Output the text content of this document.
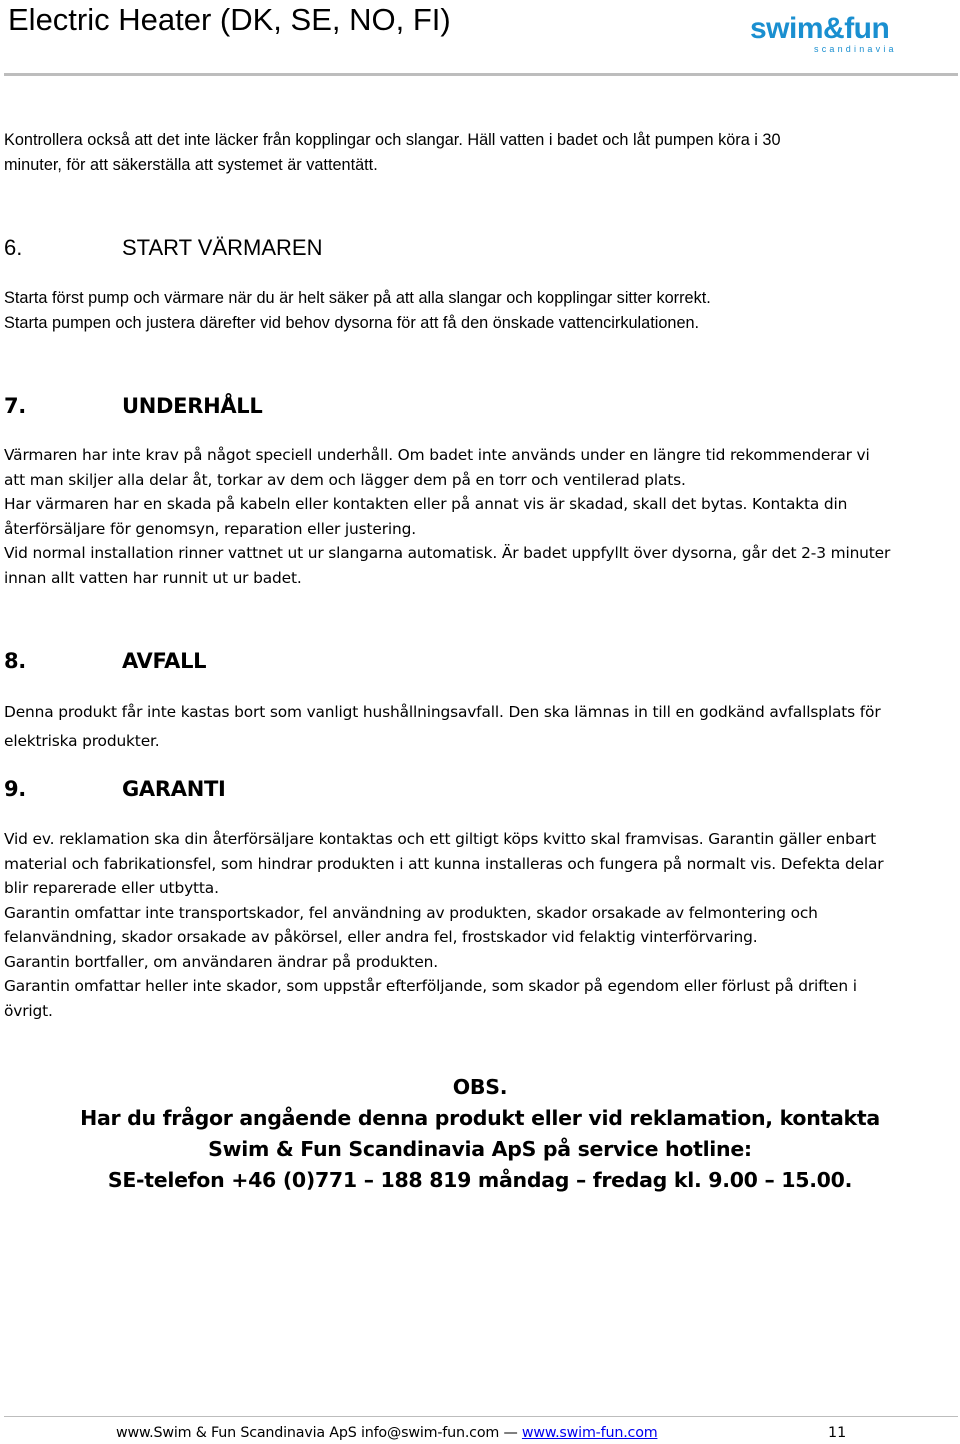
Electric Heater (DK, SE, NO, FI)	swim&fun
scandinavia
Kontrollera också att det inte läcker från kopplingar och slangar. Häll vatten i badet och låt pumpen köra i 30
minuter, för att säkerställa att systemet är vattentätt.
6.	START VÄRMAREN
Starta först pump och värmare när du är helt säker på att alla slangar och kopplingar sitter korrekt.
Starta pumpen och justera därefter vid behov dysorna för att få den önskade vattencirkulationen.
7.	UNDERHÅLL
Värmaren har inte krav på något speciell underhåll. Om badet inte används under en längre tid rekommenderar vi
att man skiljer alla delar åt, torkar av dem och lägger dem på en torr och ventilerad plats.
Har värmaren har en skada på kabeln eller kontakten eller på annat vis är skadad, skall det bytas. Kontakta din
återförsäljare för genomsyn, reparation eller justering.
Vid normal installation rinner vattnet ut ur slangarna automatisk. Är badet uppfyllt över dysorna, går det 2-3 minuter
innan allt vatten har runnit ut ur badet.
8.	AVFALL
Denna produkt får inte kastas bort som vanligt hushållningsavfall. Den ska lämnas in till en godkänd avfallsplats för
elektriska produkter.
9.	GARANTI
Vid ev. reklamation ska din återförsäljare kontaktas och ett giltigt köps kvitto skal framvisas. Garantin gäller enbart
material och fabrikationsfel, som hindrar produkten i att kunna installeras och fungera på normalt vis. Defekta delar
blir reparerade eller utbytta.
Garantin omfattar inte transportskador, fel användning av produkten, skador orsakade av felmontering och
felanvändning, skador orsakade av påkörsel, eller andra fel, frostskador vid felaktig vinterförvaring.
Garantin bortfaller, om användaren ändrar på produkten.
Garantin omfattar heller inte skador, som uppstår efterföljande, som skador på egendom eller förlust på driften i
övrigt.
OBS.
Har du frågor angående denna produkt eller vid reklamation, kontakta
Swim & Fun Scandinavia ApS på service hotline:
SE-telefon +46 (0)771 – 188 819 måndag – fredag kl. 9.00 – 15.00.
www.Swim & Fun Scandinavia ApS info@swim-fun.com — www.swim-fun.com	11
